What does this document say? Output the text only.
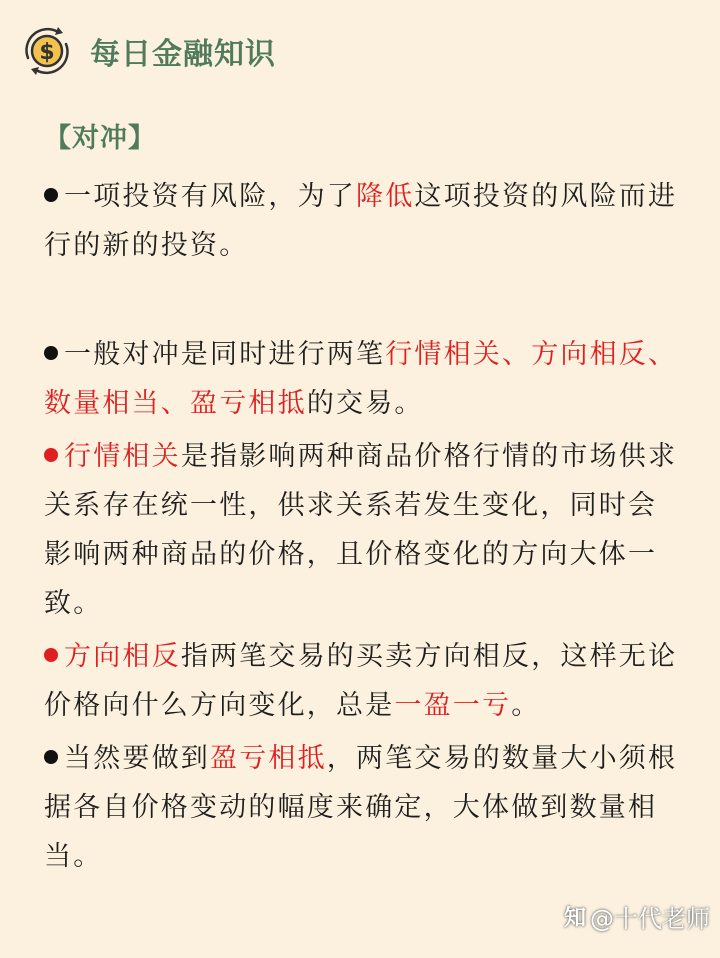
$ 每日金融知识
【对冲】

一项投资有风险，为了降低这项投资的风险而进行的新的投资。

一般对冲是同时进行两笔行情相关、方向相反、数量相当、盈亏相抵的交易。

行情相关是指影响两种商品价格行情的市场供求关系存在统一性，供求关系若发生变化，同时会影响两种商品的价格，且价格变化的方向大体一致。

方向相反指两笔交易的买卖方向相反，这样无论价格向什么方向变化，总是一盈一亏。

当然要做到盈亏相抵，两笔交易的数量大小须根据各自价格变动的幅度来确定，大体做到数量相当。

知 @十代老师
